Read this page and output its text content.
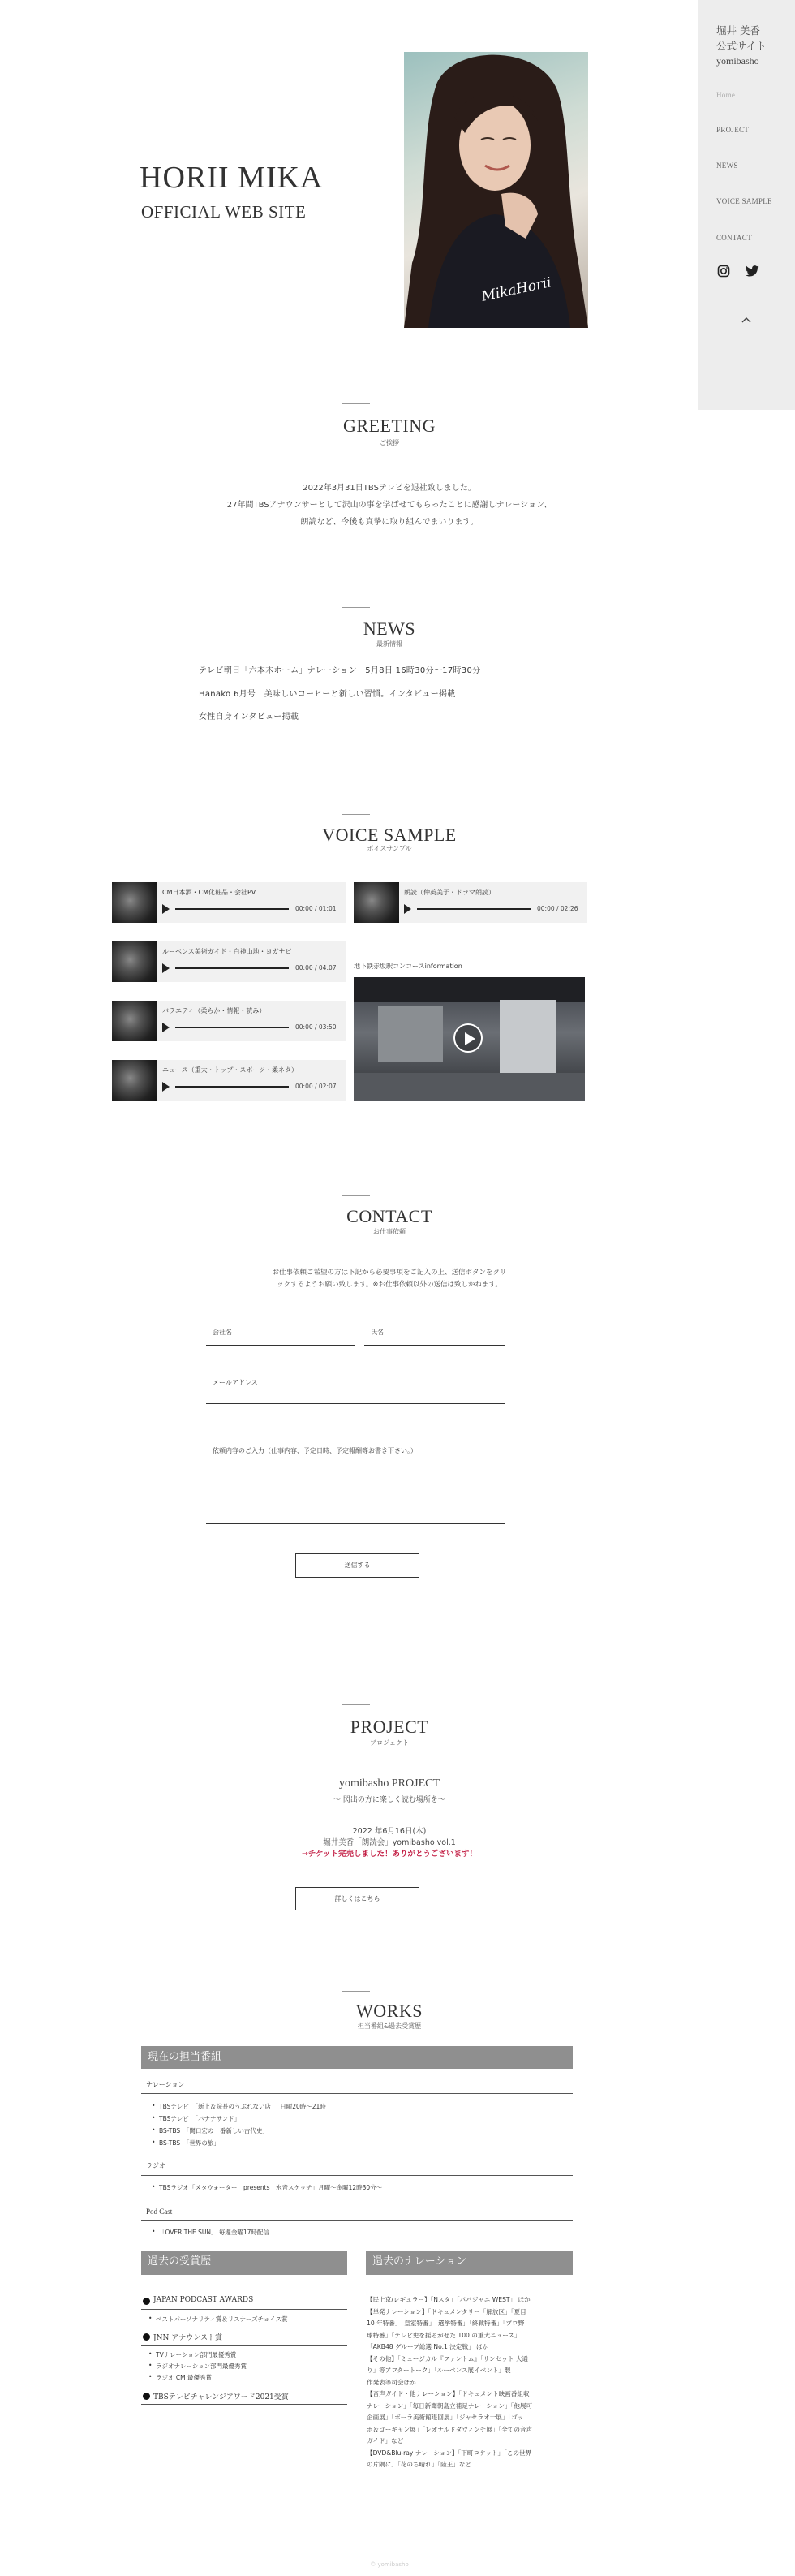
堀井 美香
公式サイト
yomibasho
Home
PROJECT
NEWS
VOICE SAMPLE
CONTACT
HORII MIKA
OFFICIAL WEB SITE
MikaHorii
GREETING
ご挨拶
2022年3月31日TBSテレビを退社致しました。
27年間TBSアナウンサーとして沢山の事を学ばせてもらったことに感謝しナレーション、
朗読など、今後も真摯に取り組んでまいります。
NEWS
最新情報
テレビ朝日「六本木ホーム」ナレーション　5月8日 16時30分〜17時30分
Hanako 6月号　美味しいコーヒーと新しい習慣。インタビュー掲載
女性自身インタビュー掲載
VOICE SAMPLE
ボイスサンプル
CM日本酒・CM化粧品・会社PV
00:00 / 01:01
ルーベンス美術ガイド・白神山地・ヨガナビ
00:00 / 04:07
バラエティ（柔らか・情報・読み）
00:00 / 03:50
ニュース（重大・トップ・スポーツ・柔ネタ）
00:00 / 02:07
朗読（仲英美子・ドラマ朗読）
00:00 / 02:26
地下鉄赤坂駅コンコースinformation
CONTACT
お仕事依頼
お仕事依頼ご希望の方は下記から必要事項をご記入の上、送信ボタンをクリ
ックするようお願い致します。※お仕事依頼以外の送信は致しかねます。
会社名	氏名
メールアドレス
依頼内容のご入力（仕事内容、予定日時、予定報酬等お書き下さい。）
送信する
PROJECT
プロジェクト
yomibasho PROJECT
〜 閃出の方に楽しく読む場所を〜
2022 年6月16日(木)
堀井美香「朗読会」yomibasho vol.1
→チケット完売しました！ありがとうございます！
詳しくはこちら
WORKS
担当番組&過去受賞歴
現在の担当番組
ナレーション
• TBSテレビ　「新上＆院長のうぶれない店」　日曜20時〜21時
• TBSテレビ　「バナナサンド」
• BS-TBS　「関口宏の一番新しい古代史」
• BS-TBS　「世界の旅」
ラジオ
• TBSラジオ「メタウォーター　presents　水音スケッチ」月曜〜金曜12時30分〜
Pod Cast
• 「OVER THE SUN」 毎週金曜17時配信
過去の受賞歴	過去のナレーション
JAPAN PODCAST AWARDS
• ベストパーソナリティ賞＆リスナーズチョイス賞
JNN アナウンスト賞
• TVナレーション部門最優秀賞
• ラジオナレーション部門最優秀賞
• ラジオ CM 最優秀賞
TBSテレビチャレンジアワード2021受賞
【民上京/レギュラー】「Nスタ」「パパジャニ WEST」 ほか
【単発ナレーション】「ドキュメンタリー「解放区」「夏目
10 年特番」「皇室特番」「選挙特番」「終戦特番」「プロ野
球特番」「テレビ史を揺るがせた 100 の重大ニュース」
「AKB48 グループ総選 No.1 決定戦」 ほか
【その他】「ミュージカル『ファントム』「サンセット 大通
り」等アフタートーク」「ルーベンス展イベント」製
作発表等司会ほか
【音声ガイド・他ナレーション】「ドキュメント映画番組収
ナレーション」「毎日新聞朝島立補足ナレーション」「他展可
企画展」「ボーラ美術館退回展」「ジャセラオ一展」「ゴッ
ホ＆ゴーギャン展」「レオナルドダヴィンチ展」「全ての音声
ガイド」など
【DVD&Blu-ray ナレーション】「下町ロケット」「この世界
の片隅に」「花のち晴れ」「陸王」など
© yomibasho
